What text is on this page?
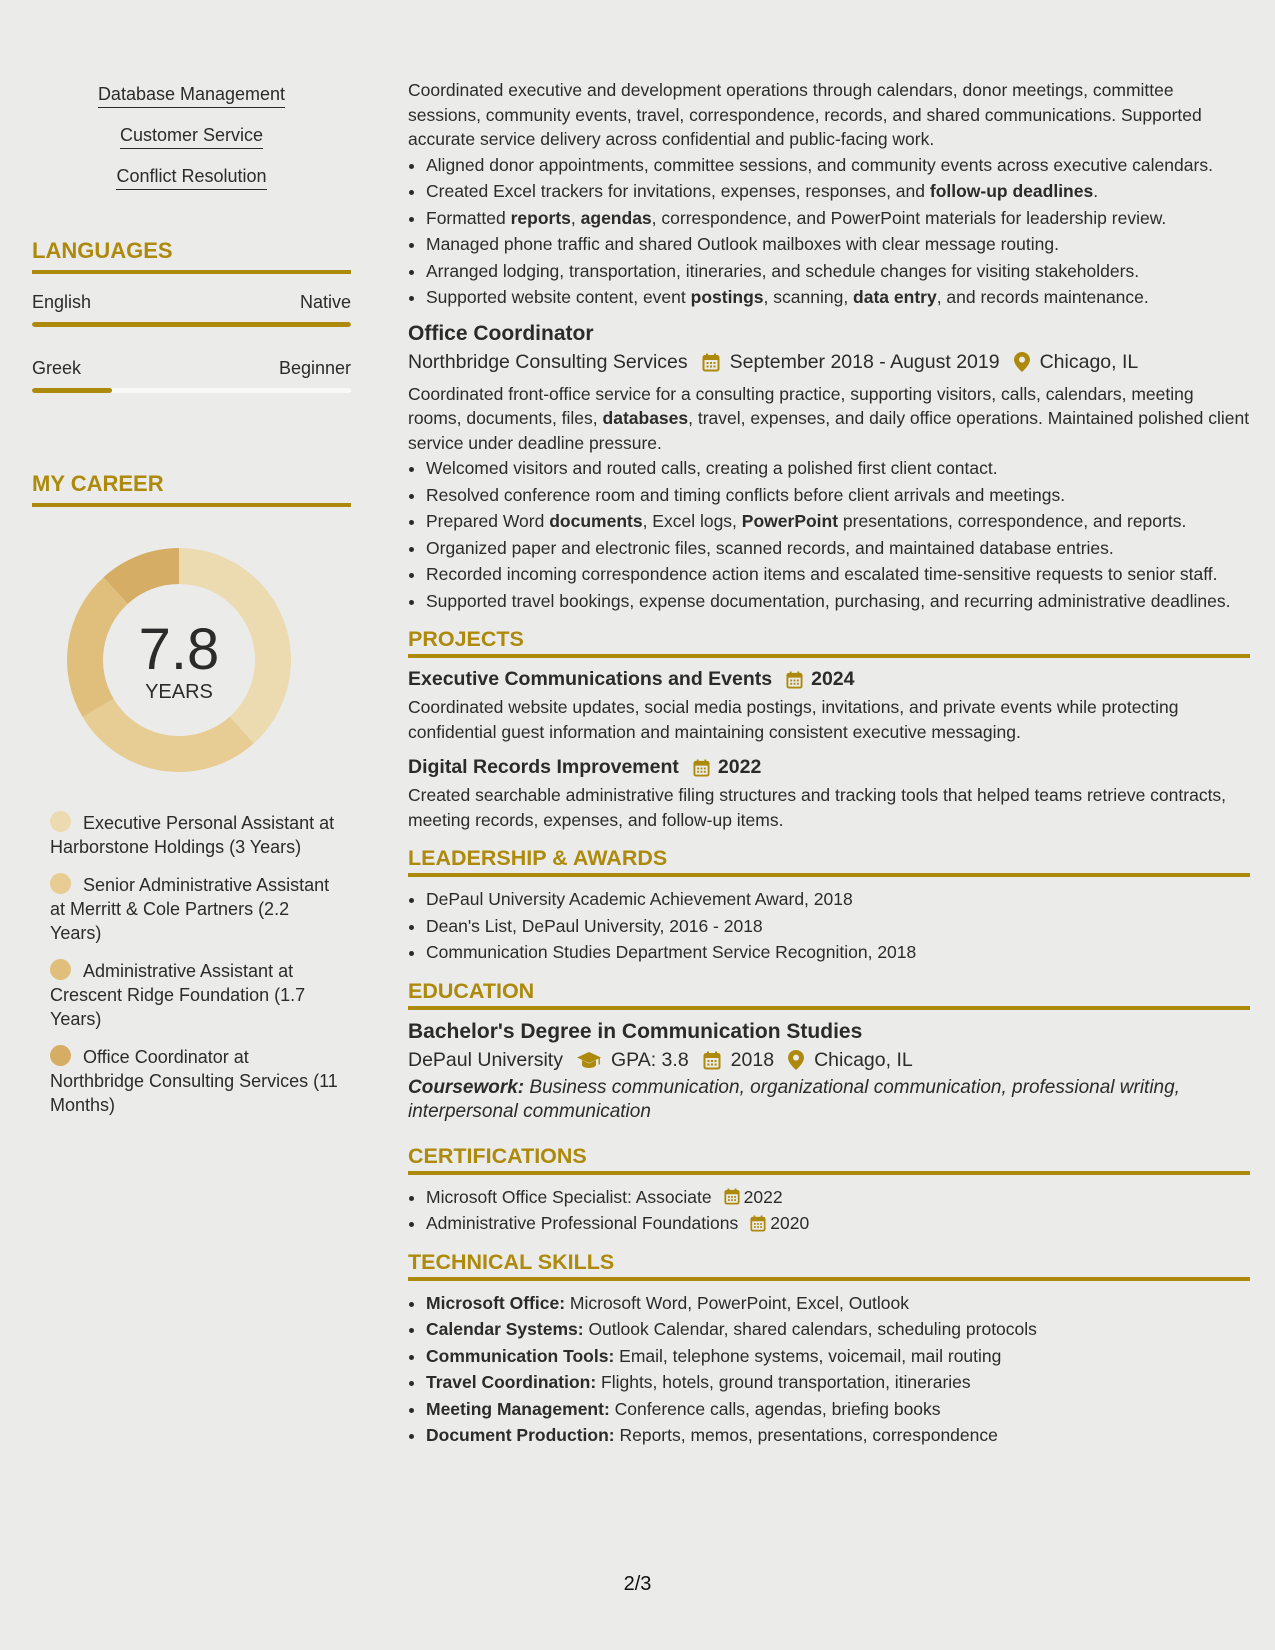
Database Management
Customer Service
Conflict Resolution
LANGUAGES
English	Native
Greek	Beginner
MY CAREER
7.8
YEARS
Executive Personal Assistant at Harborstone Holdings (3 Years)
Senior Administrative Assistant at Merritt & Cole Partners (2.2 Years)
Administrative Assistant at Crescent Ridge Foundation (1.7 Years)
Office Coordinator at Northbridge Consulting Services (11 Months)

Coordinated executive and development operations through calendars, donor meetings, committee sessions, community events, travel, correspondence, records, and shared communications. Supported accurate service delivery across confidential and public-facing work.

• Aligned donor appointments, committee sessions, and community events across executive calendars.
• Created Excel trackers for invitations, expenses, responses, and follow-up deadlines.
• Formatted reports, agendas, correspondence, and PowerPoint materials for leadership review.
• Managed phone traffic and shared Outlook mailboxes with clear message routing.
• Arranged lodging, transportation, itineraries, and schedule changes for visiting stakeholders.
• Supported website content, event postings, scanning, data entry, and records maintenance.
Office Coordinator
Northbridge Consulting Services September 2018 - August 2019 Chicago, IL

Coordinated front-office service for a consulting practice, supporting visitors, calls, calendars, meeting rooms, documents, files, databases, travel, expenses, and daily office operations. Maintained polished client service under deadline pressure.

• Welcomed visitors and routed calls, creating a polished first client contact.
• Resolved conference room and timing conflicts before client arrivals and meetings.
• Prepared Word documents, Excel logs, PowerPoint presentations, correspondence, and reports.
• Organized paper and electronic files, scanned records, and maintained database entries.
• Recorded incoming correspondence action items and escalated time-sensitive requests to senior staff.
• Supported travel bookings, expense documentation, purchasing, and recurring administrative deadlines.
PROJECTS
Executive Communications and Events 2024

Coordinated website updates, social media postings, invitations, and private events while protecting confidential guest information and maintaining consistent executive messaging.

Digital Records Improvement 2022

Created searchable administrative filing structures and tracking tools that helped teams retrieve contracts, meeting records, expenses, and follow-up items.

LEADERSHIP & AWARDS
• DePaul University Academic Achievement Award, 2018
• Dean's List, DePaul University, 2016 - 2018
• Communication Studies Department Service Recognition, 2018
EDUCATION
Bachelor's Degree in Communication Studies
DePaul University GPA: 3.8 2018 Chicago, IL

Coursework: Business communication, organizational communication, professional writing, interpersonal communication

CERTIFICATIONS
• Microsoft Office Specialist: Associate 2022
• Administrative Professional Foundations 2020
TECHNICAL SKILLS
• Microsoft Office: Microsoft Word, PowerPoint, Excel, Outlook
• Calendar Systems: Outlook Calendar, shared calendars, scheduling protocols
• Communication Tools: Email, telephone systems, voicemail, mail routing
• Travel Coordination: Flights, hotels, ground transportation, itineraries
• Meeting Management: Conference calls, agendas, briefing books
• Document Production: Reports, memos, presentations, correspondence
2/3
